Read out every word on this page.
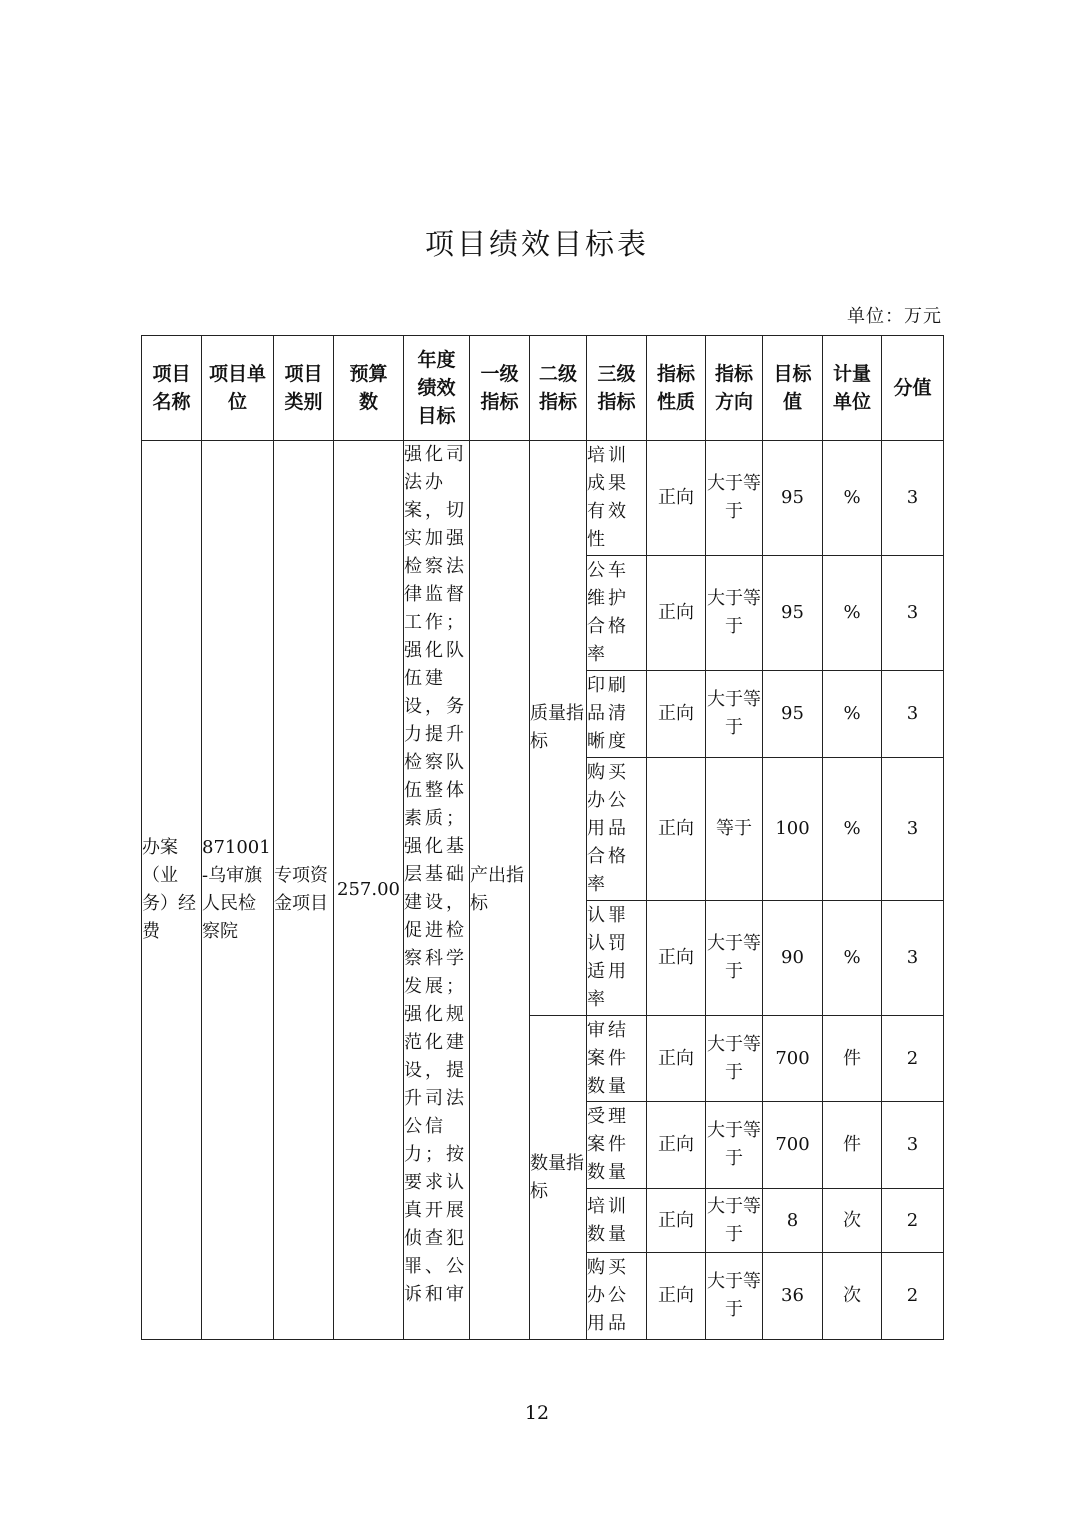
项目绩效目标表
单位：万元
项目名称	项目单位	项目类别	预算数	年度绩效目标	一级指标	二级指标	三级指标	指标性质	指标方向	目标值	计量单位	分值
办案（业务）经费	871001-乌审旗人民检察院	专项资金项目	257.00	强化司法办案，切实加强检察法律监督工作；强化队伍建设，务力提升检察队伍整体素质；强化基层基础建设，促进检察科学发展；强化规范化建设，提升司法公信力；按要求认真开展侦查犯罪、公诉和审	产出指标	质量指标	培训成果有效性	正向	大于等于	95	%	3
							公车维护合格率	正向	大于等于	95	%	3
							印刷品清晰度	正向	大于等于	95	%	3
							购买办公用品合格率	正向	等于	100	%	3
							认罪认罚适用率	正向	大于等于	90	%	3
						数量指标	审结案件数量	正向	大于等于	700	件	2
							受理案件数量	正向	大于等于	700	件	3
							培训数量	正向	大于等于	8	次	2
							购买办公用品	正向	大于等于	36	次	2
12
